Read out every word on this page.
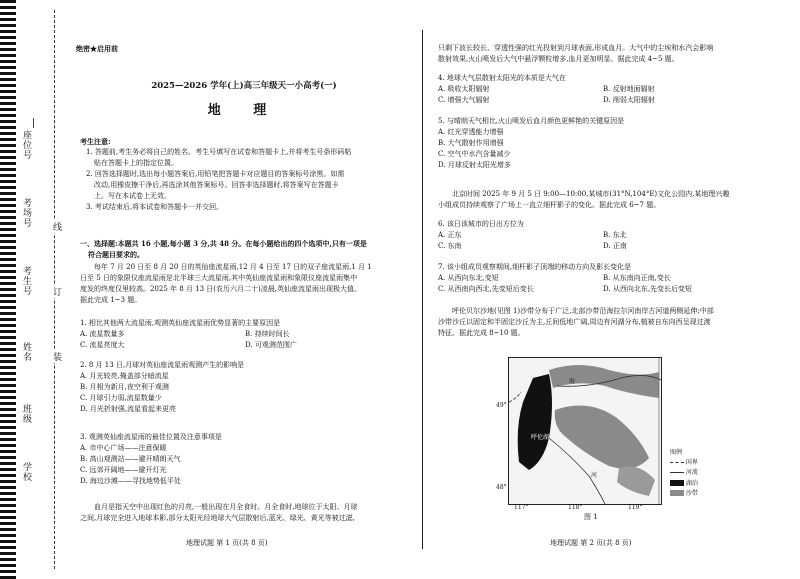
座位号
考场号
考生号
姓名
班级
学校
线
订
装
绝密★启用前
2025—2026 学年(上)高三年级天一小高考(一)
地 理

考生注意:

1. 答题前,考生务必将自己的姓名、考生号填写在试卷和答题卡上,并将考生号条形码粘

贴在答题卡上的指定位置。

2. 回答选择题时,选出每小题答案后,用铅笔把答题卡对应题目的答案标号涂黑。如需

改动,用橡皮擦干净后,再选涂其他答案标号。回答非选择题时,将答案写在答题卡

上。写在本试卷上无效。

3. 考试结束后,将本试卷和答题卡一并交回。

一、选择题:本题共 16 小题,每小题 3 分,共 48 分。在每小题给出的四个选项中,只有一项是

符合题目要求的。

每年 7 月 20 日至 8 月 20 日的英仙座流星雨,12 月 4 日至 17 日的双子座流星雨,1 月 1

日至 5 日的象限仪座流星雨是北半球三大流星雨,其中英仙座流星雨和象限仪座流星雨集中

度发的终度仅里较高。2025 年 8 月 13 日(农历六月二十)凌晨,英仙座流星雨出现极大值。

据此完成 1~3 题。

1. 相比其他两大流星雨,观测英仙座流星雨优势显著的主要原因是

A. 流星数量多	B. 持续时间长
C. 流星亮度大	D. 可观测范围广

2. 8 月 13 日,月球对英仙座流星雨观测产生的影响是

A. 月光较亮,掩盖部分暗流星

B. 月相为新月,夜空利于观测

C. 月球引力弱,流星数量少

D. 月光折射强,流星看起来更亮

3. 观测英仙座流星雨的最佳位置及注意事项是

A. 市中心广场——注意保暖

B. 高山观测站——避开晴朗天气

C. 远郊开阔地——避开灯光

D. 海边沙滩——寻找地势低平处

血月是指天空中出现红色的月亮,一般出现在月全食时。月全食时,地球位于太阳、月球

之间,月球完全进入地球本影,部分太阳光经地球大气层散射后,蓝光、绿光、黄光等被过滤,

地理试题 第 1 页(共 8 页)

只剩下波长较长、穿透性强的红光投射到月球表面,形成血月。大气中的尘埃和水汽会影响

散射效果,火山喷发后大气中悬浮颗粒增多,血月更加明显。据此完成 4~5 题。

4. 地球大气层散射太阳光的本质是大气在

A. 吸收太阳辐射	B. 反射地面辐射
C. 增强大气辐射	D. 削弱太阳辐射

5. 与晴朗天气相比,火山喷发后血月颜色更鲜艳的关键原因是

A. 红光穿透能力增强

B. 大气散射作用增强

C. 空气中水汽含量减少

D. 月球反射太阳光增多

北京时间 2025 年 9 月 5 日 9:00—10:00,某城市(31°N,104°E)文化公园内,某地理兴趣

小组成员持续观察了广场上一直立细杆影子的变化。据此完成 6~7 题。

6. 该日该城市的日出方位为

A. 正东	B. 东北
C. 东南	D. 正南

7. 该小组成员观察期间,细杆影子顶端的移动方向及影长变化是

A. 从西向东北,变短	B. 从东南向正南,变长
C. 从西南向西北,先变短后变长	D. 从西向北东,先变长后变短

呼伦贝尔沙地(见图 1)沙带分布于广泛,北部沙带沿海拉尔河南岸古河道两侧延伸;中部

沙带沙丘以固定和半固定沙丘为主,丘间低地广阔,周边有河湖分布,植被自东向西呈现过渡

特征。据此完成 8~10 题。

图 1
地理试题 第 2 页(共 8 页)
呼伦湖
海
河
49°
48°
117°	118°	119°
图例
国界
河流
湖泊
沙带
